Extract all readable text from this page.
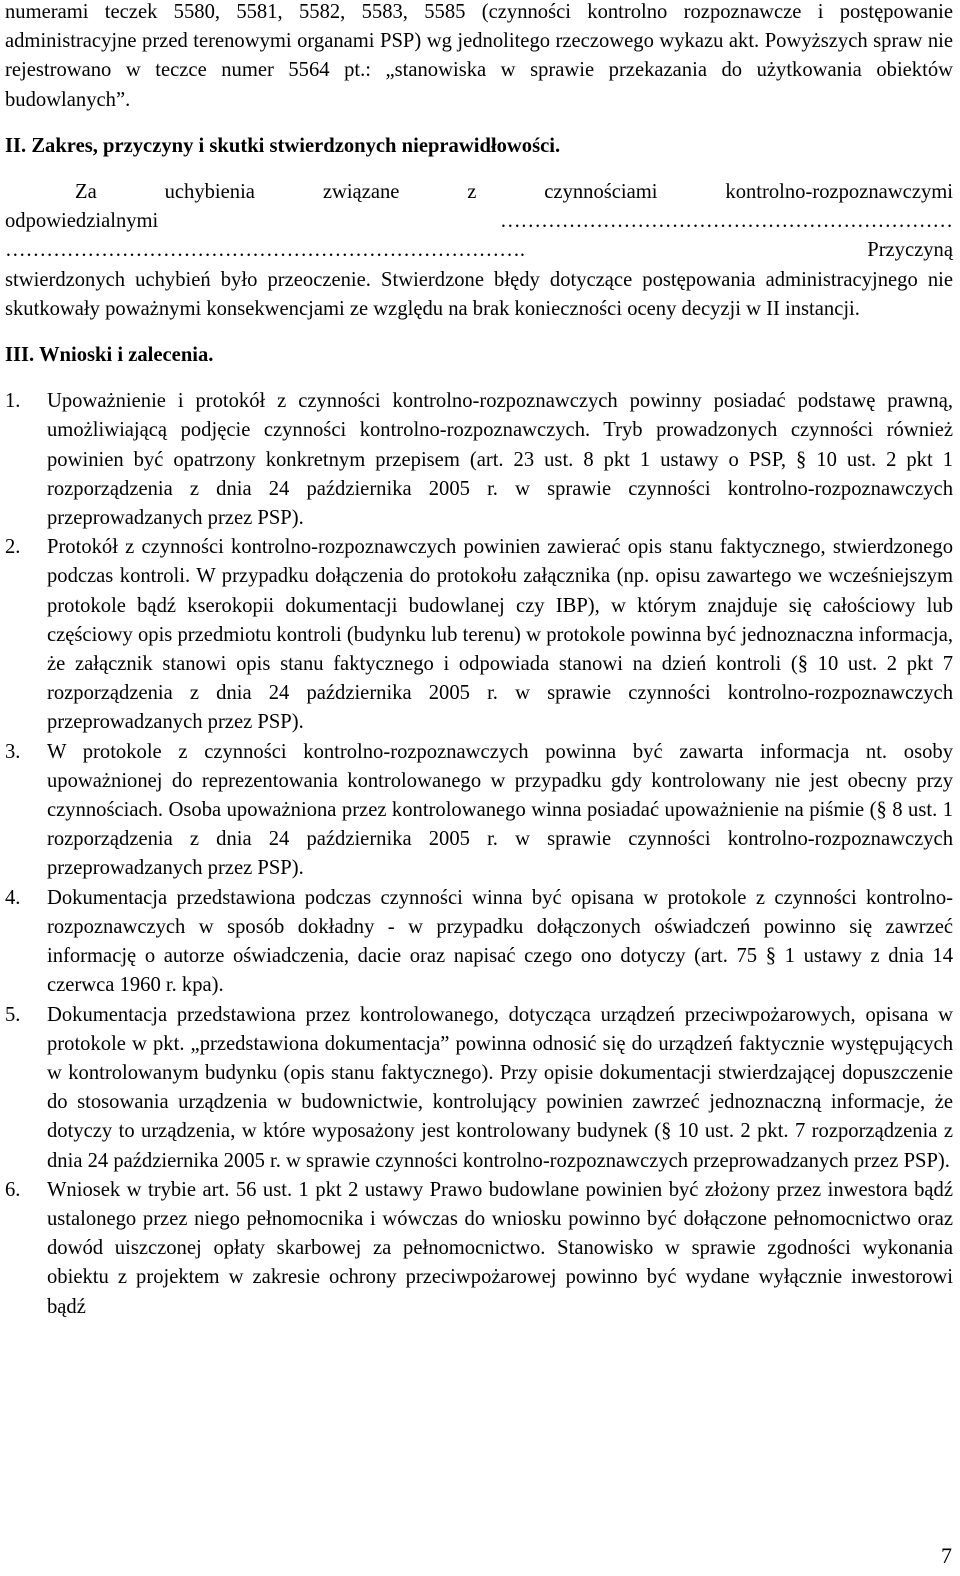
numerami teczek 5580, 5581, 5582, 5583, 5585 (czynności kontrolno rozpoznawcze i postępowanie administracyjne przed terenowymi organami PSP) wg jednolitego rzeczowego wykazu akt. Powyższych spraw nie rejestrowano w teczce numer 5564 pt.: „stanowiska w sprawie przekazania do użytkowania obiektów budowlanych”.

II. Zakres, przyczyny i skutki stwierdzonych nieprawidłowości.

Za uchybienia związane z czynnościami kontrolno-rozpoznawczymi

odpowiedzialnymi	…………………………………………………………

………………………………………………………………….	Przyczyną

stwierdzonych uchybień było przeoczenie. Stwierdzone błędy dotyczące postępowania administracyjnego nie skutkowały poważnymi konsekwencjami ze względu na brak konieczności oceny decyzji w II instancji.

III. Wnioski i zalecenia.

1. Upoważnienie i protokół z czynności kontrolno-rozpoznawczych powinny posiadać podstawę prawną, umożliwiającą podjęcie czynności kontrolno-rozpoznawczych. Tryb prowadzonych czynności również powinien być opatrzony konkretnym przepisem (art. 23 ust. 8 pkt 1 ustawy o PSP, § 10 ust. 2 pkt 1 rozporządzenia z dnia 24 października 2005 r. w sprawie czynności kontrolno-rozpoznawczych przeprowadzanych przez PSP).
2. Protokół z czynności kontrolno-rozpoznawczych powinien zawierać opis stanu faktycznego, stwierdzonego podczas kontroli. W przypadku dołączenia do protokołu załącznika (np. opisu zawartego we wcześniejszym protokole bądź kserokopii dokumentacji budowlanej czy IBP), w którym znajduje się całościowy lub częściowy opis przedmiotu kontroli (budynku lub terenu) w protokole powinna być jednoznaczna informacja, że załącznik stanowi opis stanu faktycznego i odpowiada stanowi na dzień kontroli (§ 10 ust. 2 pkt 7 rozporządzenia z dnia 24 października 2005 r. w sprawie czynności kontrolno-rozpoznawczych przeprowadzanych przez PSP).
3. W protokole z czynności kontrolno-rozpoznawczych powinna być zawarta informacja nt. osoby upoważnionej do reprezentowania kontrolowanego w przypadku gdy kontrolowany nie jest obecny przy czynnościach. Osoba upoważniona przez kontrolowanego winna posiadać upoważnienie na piśmie (§ 8 ust. 1 rozporządzenia z dnia 24 października 2005 r. w sprawie czynności kontrolno-rozpoznawczych przeprowadzanych przez PSP).
4. Dokumentacja przedstawiona podczas czynności winna być opisana w protokole z czynności kontrolno-rozpoznawczych w sposób dokładny - w przypadku dołączonych oświadczeń powinno się zawrzeć informację o autorze oświadczenia, dacie oraz napisać czego ono dotyczy (art. 75 § 1 ustawy z dnia 14 czerwca 1960 r. kpa).
5. Dokumentacja przedstawiona przez kontrolowanego, dotycząca urządzeń przeciwpożarowych, opisana w protokole w pkt. „przedstawiona dokumentacja” powinna odnosić się do urządzeń faktycznie występujących w kontrolowanym budynku (opis stanu faktycznego). Przy opisie dokumentacji stwierdzającej dopuszczenie do stosowania urządzenia w budownictwie, kontrolujący powinien zawrzeć jednoznaczną informacje, że dotyczy to urządzenia, w które wyposażony jest kontrolowany budynek (§ 10 ust. 2 pkt. 7 rozporządzenia z dnia 24 października 2005 r. w sprawie czynności kontrolno-rozpoznawczych przeprowadzanych przez PSP).
6. Wniosek w trybie art. 56 ust. 1 pkt 2 ustawy Prawo budowlane powinien być złożony przez inwestora bądź ustalonego przez niego pełnomocnika i wówczas do wniosku powinno być dołączone pełnomocnictwo oraz dowód uiszczonej opłaty skarbowej za pełnomocnictwo. Stanowisko w sprawie zgodności wykonania obiektu z projektem w zakresie ochrony przeciwpożarowej powinno być wydane wyłącznie inwestorowi bądź
7
